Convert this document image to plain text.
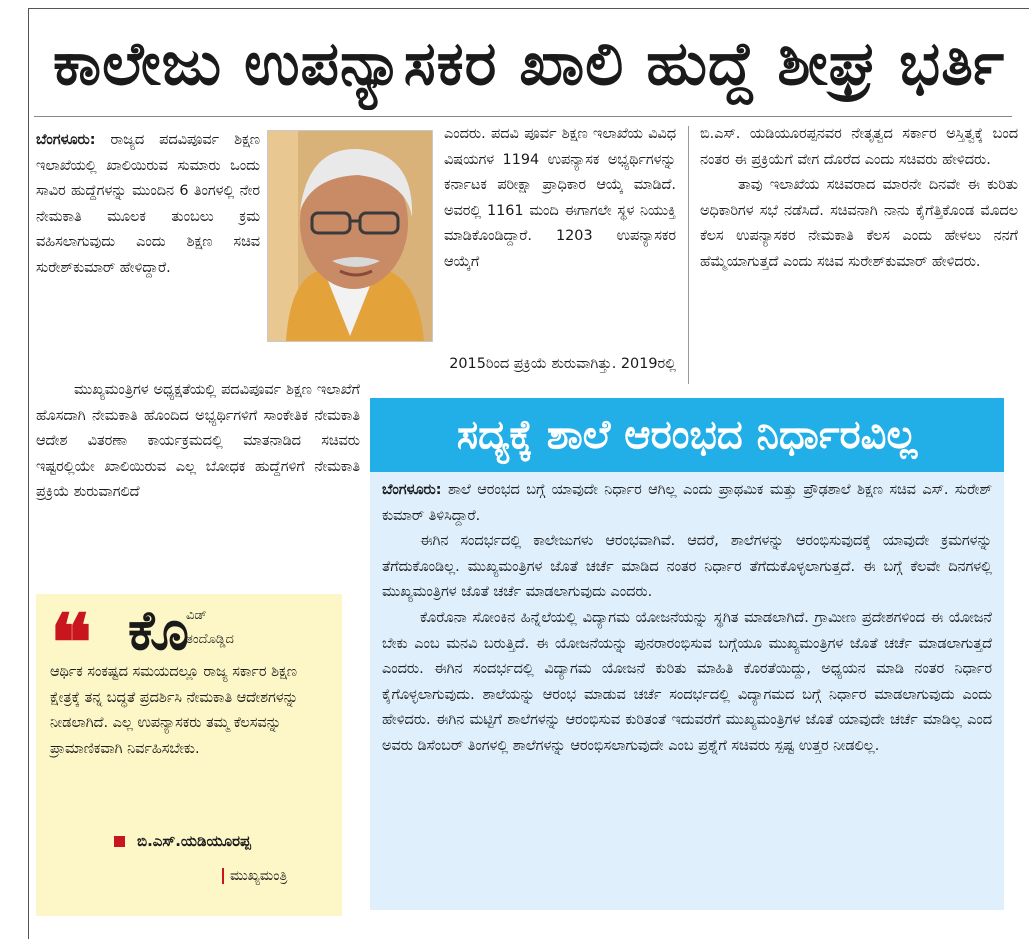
ಕಾಲೇಜು ಉಪನ್ಯಾಸಕರ ಖಾಲಿ ಹುದ್ದೆ ಶೀಘ್ರ ಭರ್ತಿ

ಬೆಂಗಳೂರು: ರಾಜ್ಯದ ಪದವಿಪೂರ್ವ ಶಿಕ್ಷಣ ಇಲಾಖೆಯಲ್ಲಿ ಖಾಲಿಯಿರುವ ಸುಮಾರು ಒಂದು ಸಾವಿರ ಹುದ್ದೆಗಳನ್ನು ಮುಂದಿನ 6 ತಿಂಗಳಲ್ಲಿ ನೇರ ನೇಮಕಾತಿ ಮೂಲಕ ತುಂಬಲು ಕ್ರಮ ವಹಿಸಲಾಗುವುದು ಎಂದು ಶಿಕ್ಷಣ ಸಚಿವ ಸುರೇಶ್‌ಕುಮಾರ್ ಹೇಳಿದ್ದಾರೆ.

ಮುಖ್ಯಮಂತ್ರಿಗಳ ಅಧ್ಯಕ್ಷತೆಯಲ್ಲಿ ಪದವಿಪೂರ್ವ ಶಿಕ್ಷಣ ಇಲಾಖೆಗೆ ಹೊಸದಾಗಿ ನೇಮಕಾತಿ ಹೊಂದಿದ ಅಭ್ಯರ್ಥಿಗಳಿಗೆ ಸಾಂಕೇತಿಕ ನೇಮಕಾತಿ ಆದೇಶ ವಿತರಣಾ ಕಾರ್ಯಕ್ರಮದಲ್ಲಿ ಮಾತನಾಡಿದ ಸಚಿವರು ಇಷ್ಟರಲ್ಲಿಯೇ ಖಾಲಿಯಿರುವ ಎಲ್ಲ ಬೋಧಕ ಹುದ್ದೆಗಳಿಗೆ ನೇಮಕಾತಿ ಪ್ರಕ್ರಿಯೆ ಶುರುವಾಗಲಿದೆ

ಎಂದರು. ಪದವಿ ಪೂರ್ವ ಶಿಕ್ಷಣ ಇಲಾಖೆಯ ವಿವಿಧ ವಿಷಯಗಳ 1194 ಉಪನ್ಯಾಸಕ ಅಭ್ಯರ್ಥಿಗಳನ್ನು ಕರ್ನಾಟಕ ಪರೀಕ್ಷಾ ಪ್ರಾಧಿಕಾರ ಆಯ್ಕೆ ಮಾಡಿದೆ. ಅವರಲ್ಲಿ 1161 ಮಂದಿ ಈಗಾಗಲೇ ಸ್ಥಳ ನಿಯುಕ್ತಿ ಮಾಡಿಕೊಂಡಿದ್ದಾರೆ. 1203 ಉಪನ್ಯಾಸಕರ ಆಯ್ಕೆಗೆ

2015ರಿಂದ ಪ್ರಕ್ರಿಯೆ ಶುರುವಾಗಿತ್ತು. 2019ರಲ್ಲಿ

ಬಿ.ಎಸ್. ಯಡಿಯೂರಪ್ಪನವರ ನೇತೃತ್ವದ ಸರ್ಕಾರ ಅಸ್ತಿತ್ವಕ್ಕೆ ಬಂದ ನಂತರ ಈ ಪ್ರಕ್ರಿಯೆಗೆ ವೇಗ ದೊರೆದ ಎಂದು ಸಚಿವರು ಹೇಳಿದರು.

ತಾವು ಇಲಾಖೆಯ ಸಚಿವರಾದ ಮಾರನೇ ದಿನವೇ ಈ ಕುರಿತು ಅಧಿಕಾರಿಗಳ ಸಭೆ ನಡೆಸಿದೆ. ಸಚಿವನಾಗಿ ನಾನು ಕೈಗೆತ್ತಿಕೊಂಡ ಮೊದಲ ಕೆಲಸ ಉಪನ್ಯಾಸಕರ ನೇಮಕಾತಿ ಕೆಲಸ ಎಂದು ಹೇಳಲು ನನಗೆ ಹೆಮ್ಮೆಯಾಗುತ್ತದೆ ಎಂದು ಸಚಿವ ಸುರೇಶ್‌ಕುಮಾರ್ ಹೇಳಿದರು.

❝ ಕೊ
ವಿಡ್
ತಂದೊಡ್ಡಿದ
ಆರ್ಥಿಕ ಸಂಕಷ್ಟದ ಸಮಯದಲ್ಲೂ ರಾಜ್ಯ ಸರ್ಕಾರ ಶಿಕ್ಷಣ ಕ್ಷೇತ್ರಕ್ಕೆ ತನ್ನ ಬದ್ಧತೆ ಪ್ರದರ್ಶಿಸಿ ನೇಮಕಾತಿ ಆದೇಶಗಳನ್ನು ನೀಡಲಾಗಿದೆ. ಎಲ್ಲ ಉಪನ್ಯಾಸಕರು ತಮ್ಮ ಕೆಲಸವನ್ನು ಪ್ರಾಮಾಣಿಕವಾಗಿ ನಿರ್ವಹಿಸಬೇಕು.
ಬಿ.ಎಸ್.ಯಡಿಯೂರಪ್ಪ
ಮುಖ್ಯಮಂತ್ರಿ
ಸದ್ಯಕ್ಕೆ ಶಾಲೆ ಆರಂಭದ ನಿರ್ಧಾರವಿಲ್ಲ

ಬೆಂಗಳೂರು: ಶಾಲೆ ಆರಂಭದ ಬಗ್ಗೆ ಯಾವುದೇ ನಿರ್ಧಾರ ಆಗಿಲ್ಲ ಎಂದು ಪ್ರಾಥಮಿಕ ಮತ್ತು ಪ್ರೌಢಶಾಲೆ ಶಿಕ್ಷಣ ಸಚಿವ ಎಸ್. ಸುರೇಶ್ ಕುಮಾರ್ ತಿಳಿಸಿದ್ದಾರೆ.

ಈಗಿನ ಸಂದರ್ಭದಲ್ಲಿ ಕಾಲೇಜುಗಳು ಆರಂಭವಾಗಿವೆ. ಆದರೆ, ಶಾಲೆಗಳನ್ನು ಆರಂಭಿಸುವುದಕ್ಕೆ ಯಾವುದೇ ಕ್ರಮಗಳನ್ನು ತೆಗೆದುಕೊಂಡಿಲ್ಲ. ಮುಖ್ಯಮಂತ್ರಿಗಳ ಜೊತೆ ಚರ್ಚೆ ಮಾಡಿದ ನಂತರ ನಿರ್ಧಾರ ತೆಗೆದುಕೊಳ್ಳಲಾಗುತ್ತದೆ. ಈ ಬಗ್ಗೆ ಕೆಲವೇ ದಿನಗಳಲ್ಲಿ ಮುಖ್ಯಮಂತ್ರಿಗಳ ಜೊತೆ ಚರ್ಚೆ ಮಾಡಲಾಗುವುದು ಎಂದರು.

ಕೊರೊನಾ ಸೋಂಕಿನ ಹಿನ್ನೆಲೆಯಲ್ಲಿ ವಿದ್ಯಾಗಮ ಯೋಜನೆಯನ್ನು ಸ್ಥಗಿತ ಮಾಡಲಾಗಿದೆ. ಗ್ರಾಮೀಣ ಪ್ರದೇಶಗಳಿಂದ ಈ ಯೋಜನೆ ಬೇಕು ಎಂಬ ಮನವಿ ಬರುತ್ತಿದೆ. ಈ ಯೋಜನೆಯನ್ನು ಪುನರಾರಂಭಿಸುವ ಬಗ್ಗೆಯೂ ಮುಖ್ಯಮಂತ್ರಿಗಳ ಜೊತೆ ಚರ್ಚೆ ಮಾಡಲಾಗುತ್ತದೆ ಎಂದರು. ಈಗಿನ ಸಂದರ್ಭದಲ್ಲಿ ವಿದ್ಯಾಗಮ ಯೋಜನೆ ಕುರಿತು ಮಾಹಿತಿ ಕೊರತೆಯಿದ್ದು, ಅಧ್ಯಯನ ಮಾಡಿ ನಂತರ ನಿರ್ಧಾರ ಕೈಗೊಳ್ಳಲಾಗುವುದು. ಶಾಲೆಯನ್ನು ಆರಂಭ ಮಾಡುವ ಚರ್ಚೆ ಸಂದರ್ಭದಲ್ಲಿ ವಿದ್ಯಾಗಮದ ಬಗ್ಗೆ ನಿರ್ಧಾರ ಮಾಡಲಾಗುವುದು ಎಂದು ಹೇಳಿದರು. ಈಗಿನ ಮಟ್ಟಿಗೆ ಶಾಲೆಗಳನ್ನು ಆರಂಭಿಸುವ ಕುರಿತಂತೆ ಇದುವರೆಗೆ ಮುಖ್ಯಮಂತ್ರಿಗಳ ಜೊತೆ ಯಾವುದೇ ಚರ್ಚೆ ಮಾಡಿಲ್ಲ ಎಂದ ಅವರು ಡಿಸೆಂಬರ್ ತಿಂಗಳಲ್ಲಿ ಶಾಲೆಗಳನ್ನು ಆರಂಭಿಸಲಾಗುವುದೇ ಎಂಬ ಪ್ರಶ್ನೆಗೆ ಸಚಿವರು ಸ್ಪಷ್ಟ ಉತ್ತರ ನೀಡಲಿಲ್ಲ.
